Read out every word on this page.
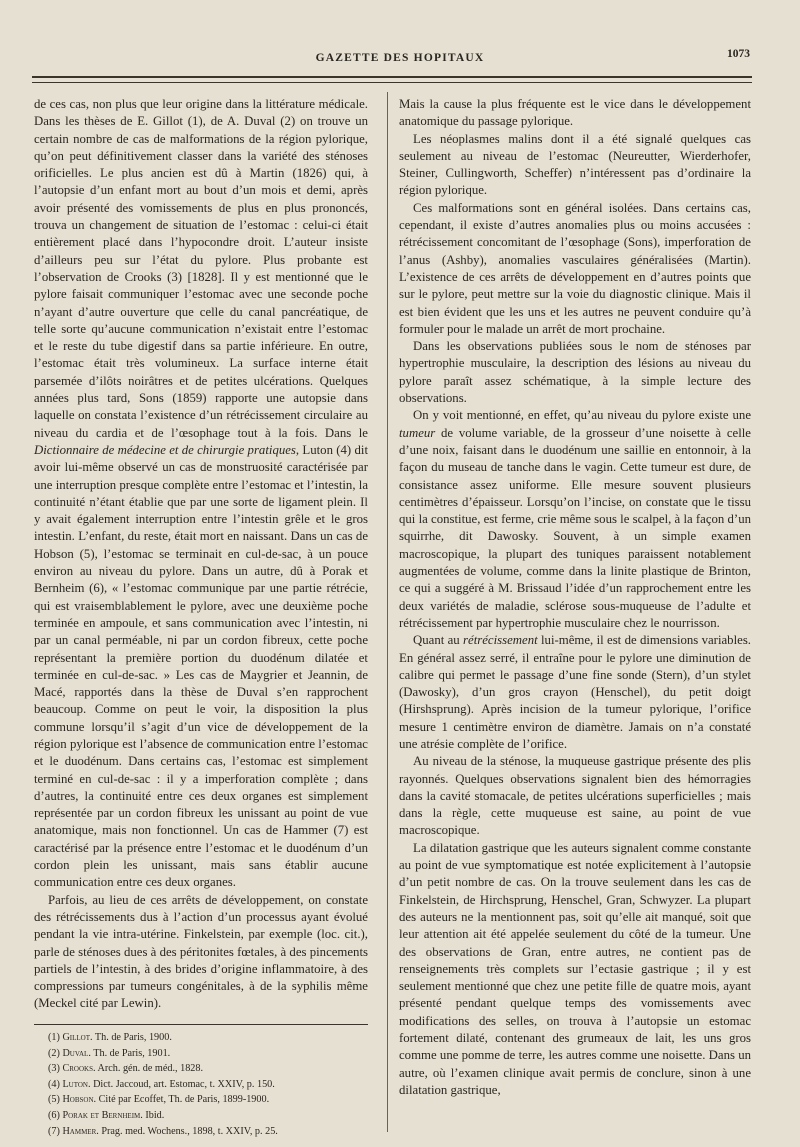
GAZETTE DES HOPITAUX	1073

de ces cas, non plus que leur origine dans la littérature médicale. Dans les thèses de E. Gillot (1), de A. Duval (2) on trouve un certain nombre de cas de malformations de la région pylorique, qu’on peut définitivement classer dans la variété des sténoses orificielles. Le plus ancien est dû à Martin (1826) qui, à l’autopsie d’un enfant mort au bout d’un mois et demi, après avoir présenté des vomissements de plus en plus prononcés, trouva un changement de situation de l’estomac : celui-ci était entièrement placé dans l’hypocondre droit. L’auteur insiste d’ailleurs peu sur l’état du pylore. Plus probante est l’observation de Crooks (3) [1828]. Il y est mentionné que le pylore faisait communiquer l’estomac avec une seconde poche n’ayant d’autre ouverture que celle du canal pancréatique, de telle sorte qu’aucune communication n’existait entre l’estomac et le reste du tube digestif dans sa partie inférieure. En outre, l’estomac était très volumineux. La surface interne était parsemée d’ilôts noirâtres et de petites ulcérations. Quelques années plus tard, Sons (1859) rapporte une autopsie dans laquelle on constata l’existence d’un rétrécissement circulaire au niveau du cardia et de l’œsophage tout à la fois. Dans le Dictionnaire de médecine et de chirurgie pratiques, Luton (4) dit avoir lui-même observé un cas de monstruosité caractérisée par une interruption presque complète entre l’estomac et l’intestin, la continuité n’étant établie que par une sorte de ligament plein. Il y avait également interruption entre l’intestin grêle et le gros intestin. L’enfant, du reste, était mort en naissant. Dans un cas de Hobson (5), l’estomac se terminait en cul-de-sac, à un pouce environ au niveau du pylore. Dans un autre, dû à Porak et Bernheim (6), « l’estomac communique par une partie rétrécie, qui est vraisemblablement le pylore, avec une deuxième poche terminée en ampoule, et sans communication avec l’intestin, ni par un canal perméable, ni par un cordon fibreux, cette poche représentant la première portion du duodénum dilatée et terminée en cul-de-sac. » Les cas de Maygrier et Jeannin, de Macé, rapportés dans la thèse de Duval s’en rapprochent beaucoup. Comme on peut le voir, la disposition la plus commune lorsqu’il s’agit d’un vice de développement de la région pylorique est l’absence de communication entre l’estomac et le duodénum. Dans certains cas, l’estomac est simplement terminé en cul-de-sac : il y a imperforation complète ; dans d’autres, la continuité entre ces deux organes est simplement représentée par un cordon fibreux les unissant au point de vue anatomique, mais non fonctionnel. Un cas de Hammer (7) est caractérisé par la présence entre l’estomac et le duodénum d’un cordon plein les unissant, mais sans établir aucune communication entre ces deux organes.

Parfois, au lieu de ces arrêts de développement, on constate des rétrécissements dus à l’action d’un processus ayant évolué pendant la vie intra-utérine. Finkelstein, par exemple (loc. cit.), parle de sténoses dues à des péritonites fœtales, à des pincements partiels de l’intestin, à des brides d’origine inflammatoire, à des compressions par tumeurs congénitales, à de la syphilis même (Meckel cité par Lewin).

(1) Gillot. Th. de Paris, 1900.
(2) Duval. Th. de Paris, 1901.
(3) Crooks. Arch. gén. de méd., 1828.
(4) Luton. Dict. Jaccoud, art. Estomac, t. XXIV, p. 150.
(5) Hobson. Cité par Ecoffet, Th. de Paris, 1899-1900.
(6) Porak et Bernheim. Ibid.
(7) Hammer. Prag. med. Wochens., 1898, t. XXIV, p. 25.

Mais la cause la plus fréquente est le vice dans le développement anatomique du passage pylorique.

Les néoplasmes malins dont il a été signalé quelques cas seulement au niveau de l’estomac (Neureutter, Wierderhofer, Steiner, Cullingworth, Scheffer) n’intéressent pas d’ordinaire la région pylorique.

Ces malformations sont en général isolées. Dans certains cas, cependant, il existe d’autres anomalies plus ou moins accusées : rétrécissement concomitant de l’œsophage (Sons), imperforation de l’anus (Ashby), anomalies vasculaires généralisées (Martin). L’existence de ces arrêts de développement en d’autres points que sur le pylore, peut mettre sur la voie du diagnostic clinique. Mais il est bien évident que les uns et les autres ne peuvent conduire qu’à formuler pour le malade un arrêt de mort prochaine.

Dans les observations publiées sous le nom de sténoses par hypertrophie musculaire, la description des lésions au niveau du pylore paraît assez schématique, à la simple lecture des observations.

On y voit mentionné, en effet, qu’au niveau du pylore existe une tumeur de volume variable, de la grosseur d’une noisette à celle d’une noix, faisant dans le duodénum une saillie en entonnoir, à la façon du museau de tanche dans le vagin. Cette tumeur est dure, de consistance assez uniforme. Elle mesure souvent plusieurs centimètres d’épaisseur. Lorsqu’on l’incise, on constate que le tissu qui la constitue, est ferme, crie même sous le scalpel, à la façon d’un squirrhe, dit Dawosky. Souvent, à un simple examen macroscopique, la plupart des tuniques paraissent notablement augmentées de volume, comme dans la linite plastique de Brinton, ce qui a suggéré à M. Brissaud l’idée d’un rapprochement entre les deux variétés de maladie, sclérose sous-muqueuse de l’adulte et rétrécissement par hypertrophie musculaire chez le nourrisson.

Quant au rétrécissement lui-même, il est de dimensions variables. En général assez serré, il entraîne pour le pylore une diminution de calibre qui permet le passage d’une fine sonde (Stern), d’un stylet (Dawosky), d’un gros crayon (Henschel), du petit doigt (Hirshsprung). Après incision de la tumeur pylorique, l’orifice mesure 1 centimètre environ de diamètre. Jamais on n’a constaté une atrésie complète de l’orifice.

Au niveau de la sténose, la muqueuse gastrique présente des plis rayonnés. Quelques observations signalent bien des hémorragies dans la cavité stomacale, de petites ulcérations superficielles ; mais dans la règle, cette muqueuse est saine, au point de vue macroscopique.

La dilatation gastrique que les auteurs signalent comme constante au point de vue symptomatique est notée explicitement à l’autopsie d’un petit nombre de cas. On la trouve seulement dans les cas de Finkelstein, de Hirchsprung, Henschel, Gran, Schwyzer. La plupart des auteurs ne la mentionnent pas, soit qu’elle ait manqué, soit que leur attention ait été appelée seulement du côté de la tumeur. Une des observations de Gran, entre autres, ne contient pas de renseignements très complets sur l’ectasie gastrique ; il y est seulement mentionné que chez une petite fille de quatre mois, ayant présenté pendant quelque temps des vomissements avec modifications des selles, on trouva à l’autopsie un estomac fortement dilaté, contenant des grumeaux de lait, les uns gros comme une pomme de terre, les autres comme une noisette. Dans un autre, où l’examen clinique avait permis de conclure, sinon à une dilatation gastrique,
